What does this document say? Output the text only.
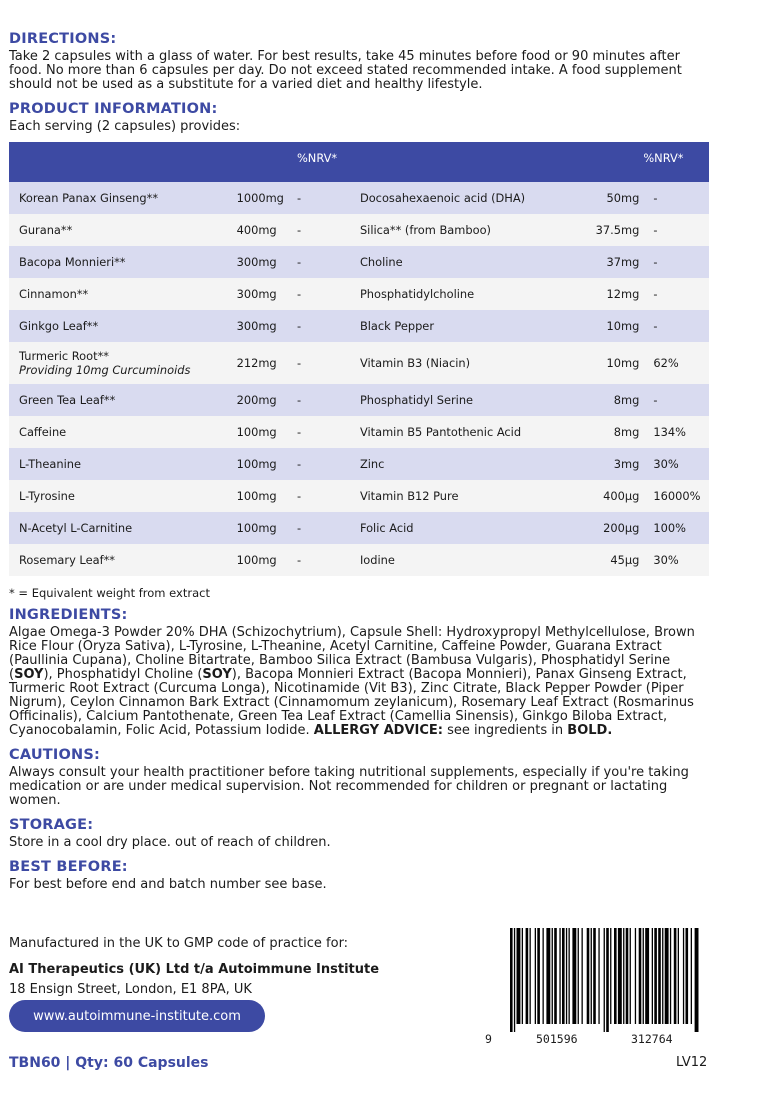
DIRECTIONS:

Take 2 capsules with a glass of water. For best results, take 45 minutes before food or 90 minutes after food. No more than 6 capsules per day. Do not exceed stated recommended intake. A food supplement should not be used as a substitute for a varied diet and healthy lifestyle.

PRODUCT INFORMATION:

Each serving (2 capsules) provides:

		%NRV*			%NRV*
Korean Panax Ginseng**	1000mg	-	Docosahexaenoic acid (DHA)	50mg	-
Gurana**	400mg	-	Silica** (from Bamboo)	37.5mg	-
Bacopa Monnieri**	300mg	-	Choline	37mg	-
Cinnamon**	300mg	-	Phosphatidylcholine	12mg	-
Ginkgo Leaf**	300mg	-	Black Pepper	10mg	-
Turmeric Root**
Providing 10mg Curcuminoids	212mg	-	Vitamin B3 (Niacin)	10mg	62%
Green Tea Leaf**	200mg	-	Phosphatidyl Serine	8mg	-
Caffeine	100mg	-	Vitamin B5 Pantothenic Acid	8mg	134%
L-Theanine	100mg	-	Zinc	3mg	30%
L-Tyrosine	100mg	-	Vitamin B12 Pure	400µg	16000%
N-Acetyl L-Carnitine	100mg	-	Folic Acid	200µg	100%
Rosemary Leaf**	100mg	-	Iodine	45µg	30%

* = Equivalent weight from extract

INGREDIENTS:

Algae Omega-3 Powder 20% DHA (Schizochytrium), Capsule Shell: Hydroxypropyl Methylcellulose, Brown Rice Flour (Oryza Sativa), L-Tyrosine, L-Theanine, Acetyl Carnitine, Caffeine Powder, Guarana Extract (Paullinia Cupana), Choline Bitartrate, Bamboo Silica Extract (Bambusa Vulgaris), Phosphatidyl Serine (SOY), Phosphatidyl Choline (SOY), Bacopa Monnieri Extract (Bacopa Monnieri), Panax Ginseng Extract, Turmeric Root Extract (Curcuma Longa), Nicotinamide (Vit B3), Zinc Citrate, Black Pepper Powder (Piper Nigrum), Ceylon Cinnamon Bark Extract (Cinnamomum zeylanicum), Rosemary Leaf Extract (Rosmarinus Officinalis), Calcium Pantothenate, Green Tea Leaf Extract (Camellia Sinensis), Ginkgo Biloba Extract, Cyanocobalamin, Folic Acid, Potassium Iodide. ALLERGY ADVICE: see ingredients in BOLD.

CAUTIONS:

Always consult your health practitioner before taking nutritional supplements, especially if you're taking medication or are under medical supervision. Not recommended for children or pregnant or lactating women.

STORAGE:

Store in a cool dry place. out of reach of children.

BEST BEFORE:

For best before end and batch number see base.

Manufactured in the UK to GMP code of practice for:
AI Therapeutics (UK) Ltd t/a Autoimmune Institute
18 Ensign Street, London, E1 8PA, UK
www.autoimmune-institute.com
TBN60 | Qty: 60 Capsules	LV12
9	501596	312764
